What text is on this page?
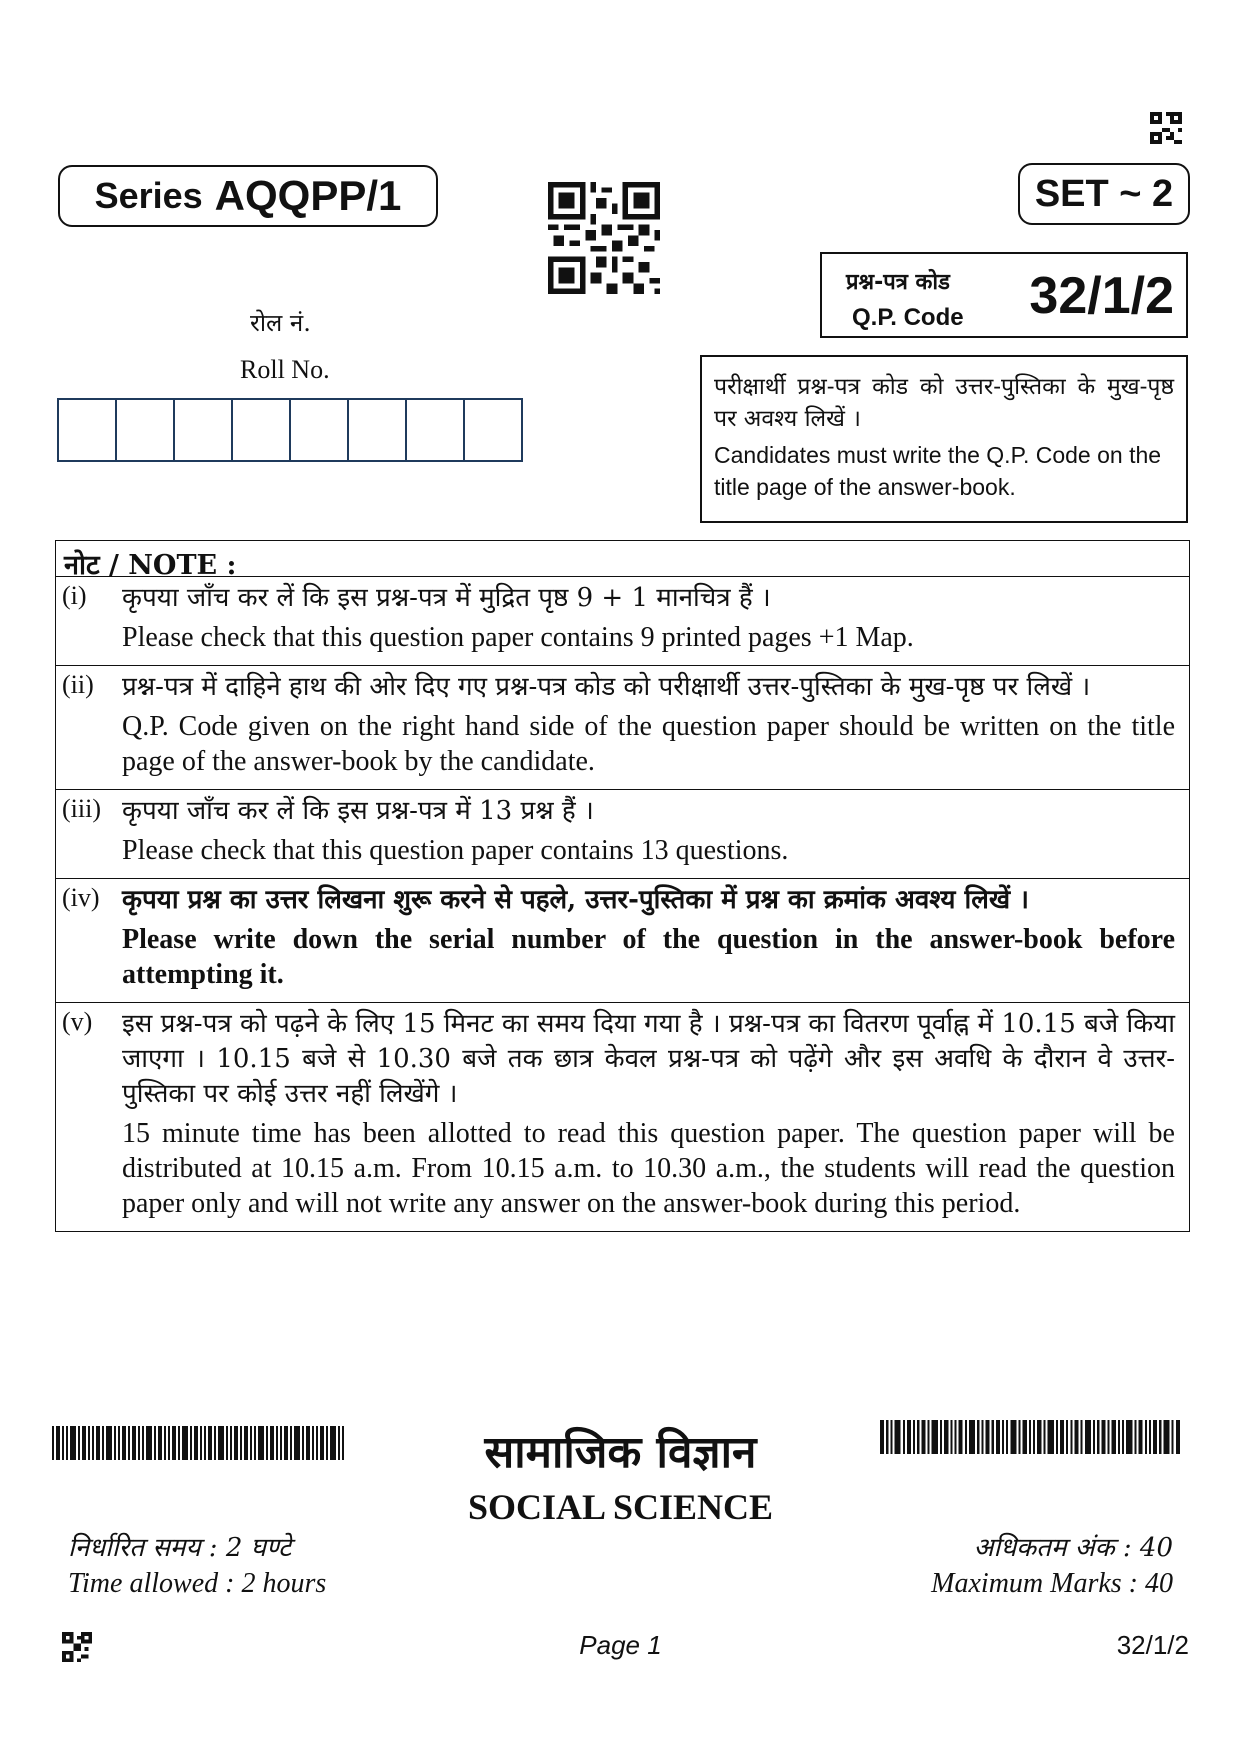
Series AQQPP/1	SET ~ 2
प्रश्न-पत्र कोड
Q.P. Code 32/1/2
रोल नं.
Roll No.

परीक्षार्थी प्रश्न-पत्र कोड को उत्तर-पुस्तिका के मुख-पृष्ठ पर अवश्य लिखें ।

Candidates must write the Q.P. Code on the title page of the answer-book.

नोट / NOTE :
(i)	कृपया जाँच कर लें कि इस प्रश्न-पत्र में मुद्रित पृष्ठ 9 + 1 मानचित्र हैं ।

Please check that this question paper contains 9 printed pages +1 Map.

(ii)	प्रश्न-पत्र में दाहिने हाथ की ओर दिए गए प्रश्न-पत्र कोड को परीक्षार्थी उत्तर-पुस्तिका के मुख-पृष्ठ पर लिखें ।

Q.P. Code given on the right hand side of the question paper should be written on the title page of the answer-book by the candidate.

(iii) कृपया जाँच कर लें कि इस प्रश्न-पत्र में 13 प्रश्न हैं ।

Please check that this question paper contains 13 questions.

(iv) कृपया प्रश्न का उत्तर लिखना शुरू करने से पहले, उत्तर-पुस्तिका में प्रश्न का क्रमांक अवश्य लिखें ।

Please write down the serial number of the question in the answer-book before attempting it.

(v)	इस प्रश्न-पत्र को पढ़ने के लिए 15 मिनट का समय दिया गया है । प्रश्न-पत्र का वितरण पूर्वाह्न में 10.15 बजे किया जाएगा । 10.15 बजे से 10.30 बजे तक छात्र केवल प्रश्न-पत्र को पढ़ेंगे और इस अवधि के दौरान वे उत्तर-पुस्तिका पर कोई उत्तर नहीं लिखेंगे ।

15 minute time has been allotted to read this question paper. The question paper will be distributed at 10.15 a.m. From 10.15 a.m. to 10.30 a.m., the students will read the question paper only and will not write any answer on the answer-book during this period.

सामाजिक विज्ञान
SOCIAL SCIENCE
निर्धारित समय : 2 घण्टे
Time allowed : 2 hours
अधिकतम अंक : 40
Maximum Marks : 40
Page 1	32/1/2
